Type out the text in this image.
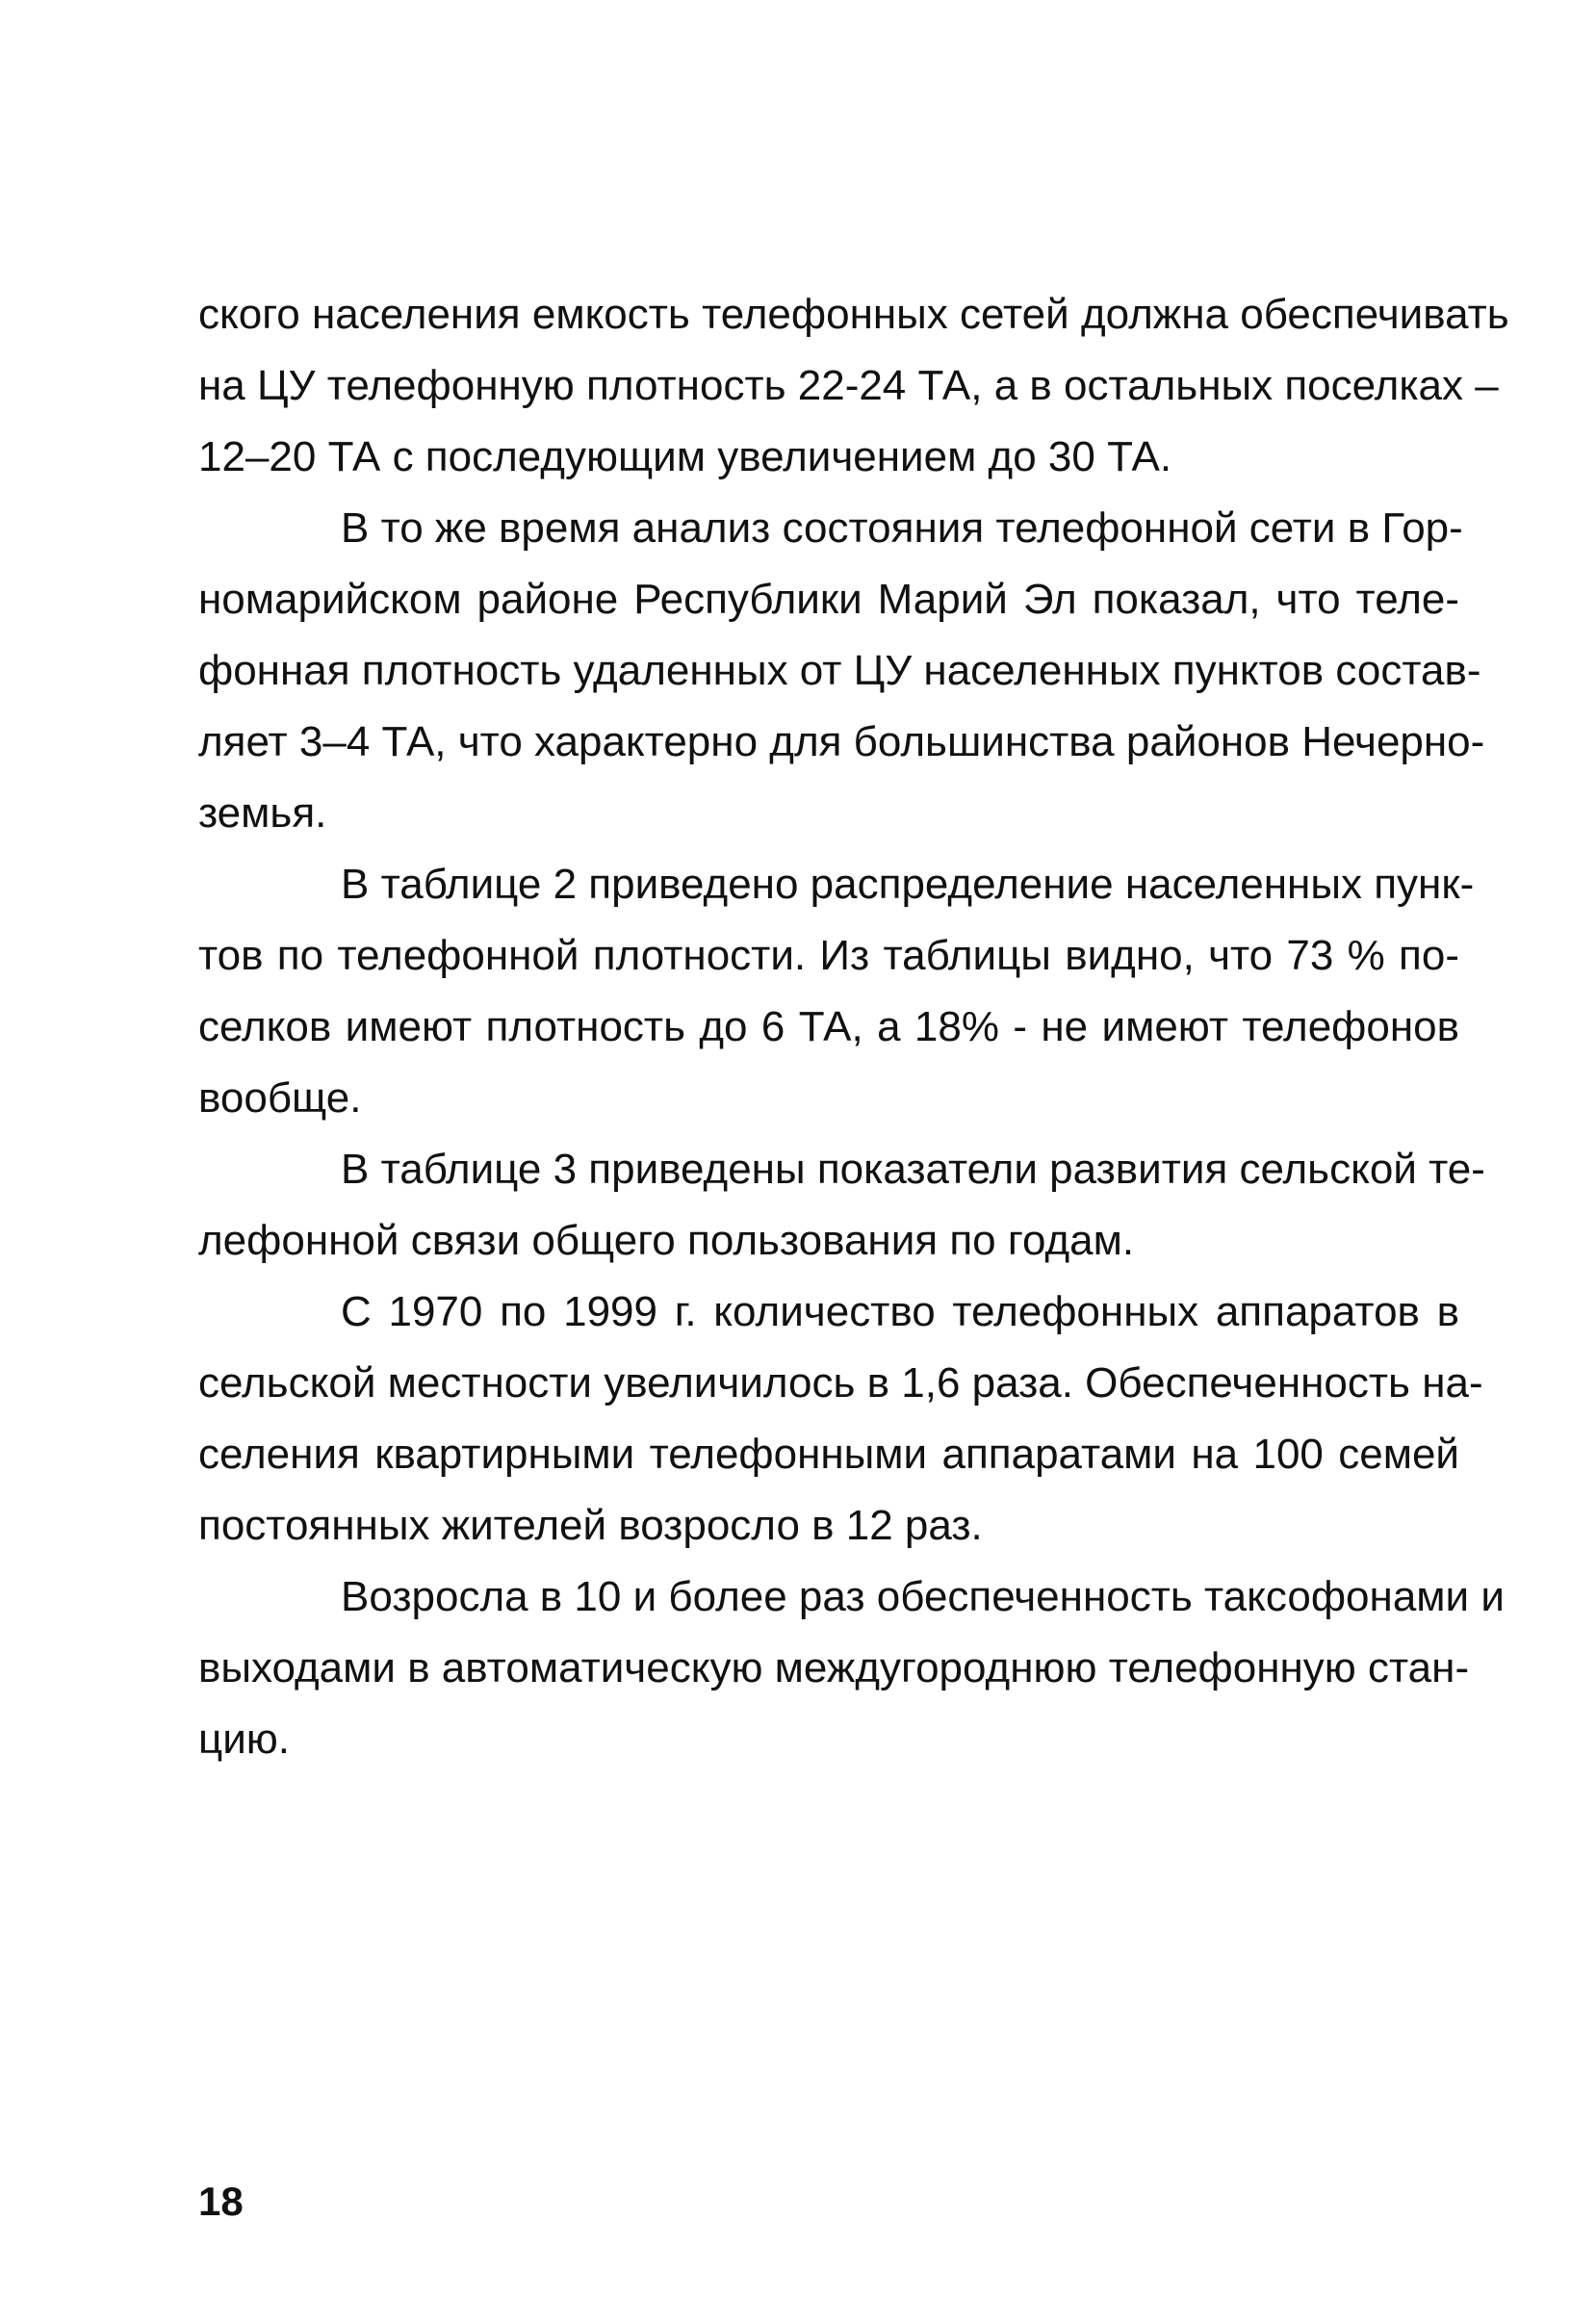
ского населения емкость телефонных сетей должна обеспечивать
на ЦУ телефонную плотность 22-24 ТА, а в остальных поселках –
12–20 ТА с последующим увеличением до 30 ТА.
В то же время анализ состояния телефонной сети в Гор-
номарийском районе Республики Марий Эл показал, что теле-
фонная плотность удаленных от ЦУ населенных пунктов состав-
ляет 3–4 ТА, что характерно для большинства районов Нечерно-
земья.
В таблице 2 приведено распределение населенных пунк-
тов по телефонной плотности. Из таблицы видно, что 73 % по-
селков имеют плотность до 6 ТА, а 18% - не имеют телефонов
вообще.
В таблице 3 приведены показатели развития сельской те-
лефонной связи общего пользования по годам.
С 1970 по 1999 г. количество телефонных аппаратов в
сельской местности увеличилось в 1,6 раза. Обеспеченность на-
селения квартирными телефонными аппаратами на 100 семей
постоянных жителей возросло в 12 раз.
Возросла в 10 и более раз обеспеченность таксофонами и
выходами в автоматическую междугороднюю телефонную стан-
цию.
18
